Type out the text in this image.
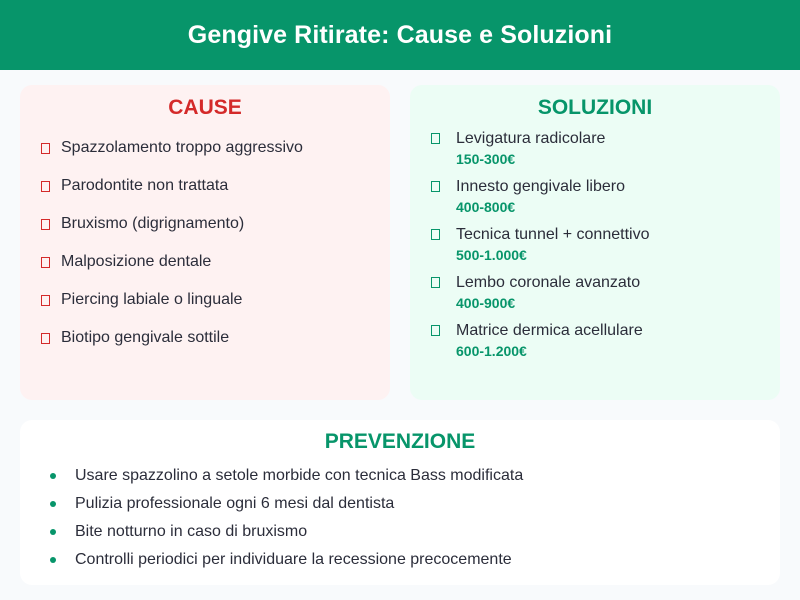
Gengive Ritirate: Cause e Soluzioni
CAUSE
Spazzolamento troppo aggressivo
Parodontite non trattata
Bruxismo (digrignamento)
Malposizione dentale
Piercing labiale o linguale
Biotipo gengivale sottile
SOLUZIONI
Levigatura radicolare
150-300€
Innesto gengivale libero
400-800€
Tecnica tunnel + connettivo
500-1.000€
Lembo coronale avanzato
400-900€
Matrice dermica acellulare
600-1.200€
PREVENZIONE
Usare spazzolino a setole morbide con tecnica Bass modificata
Pulizia professionale ogni 6 mesi dal dentista
Bite notturno in caso di bruxismo
Controlli periodici per individuare la recessione precocemente
